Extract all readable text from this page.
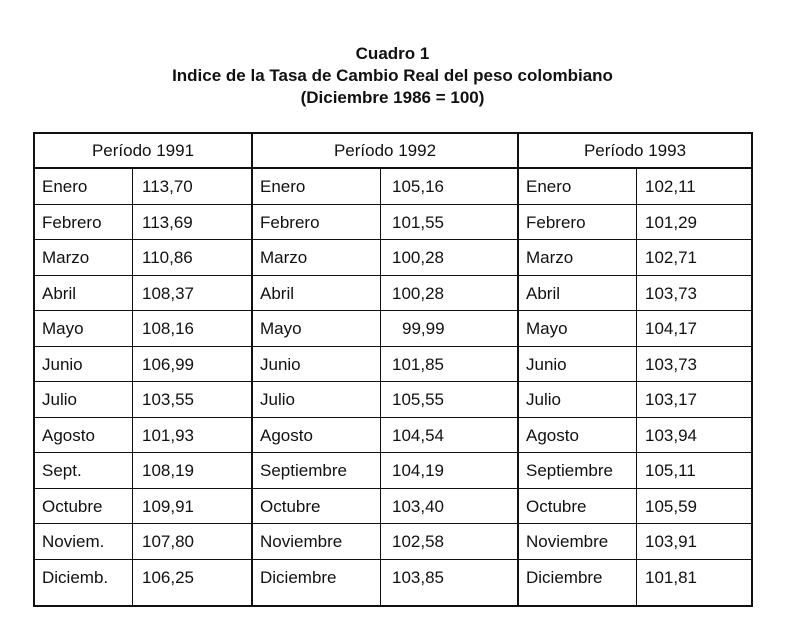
Cuadro 1
Indice de la Tasa de Cambio Real del peso colombiano
(Diciembre 1986 = 100)
Período 1991
Enero	113,70
Febrero 113,69
Marzo	110,86
Abril	108,37
Mayo	108,16
Junio	106,99
Julio	103,55
Agosto	101,93
Sept.	108,19
Octubre 109,91
Noviem. 107,80
Diciemb. 106,25
Período 1992
Enero	105,16
Febrero	101,55
Marzo	100,28
Abril	100,28
Mayo	99,99
Junio	101,85
Julio	105,55
Agosto	104,54
Septiembre	104,19
Octubre	103,40
Noviembre	102,58
Diciembre	103,85
Período 1993
Enero	102,11
Febrero	101,29
Marzo	102,71
Abril	103,73
Mayo	104,17
Junio	103,73
Julio	103,17
Agosto	103,94
Septiembre 105,11
Octubre	105,59
Noviembre 103,91
Diciembre 101,81
